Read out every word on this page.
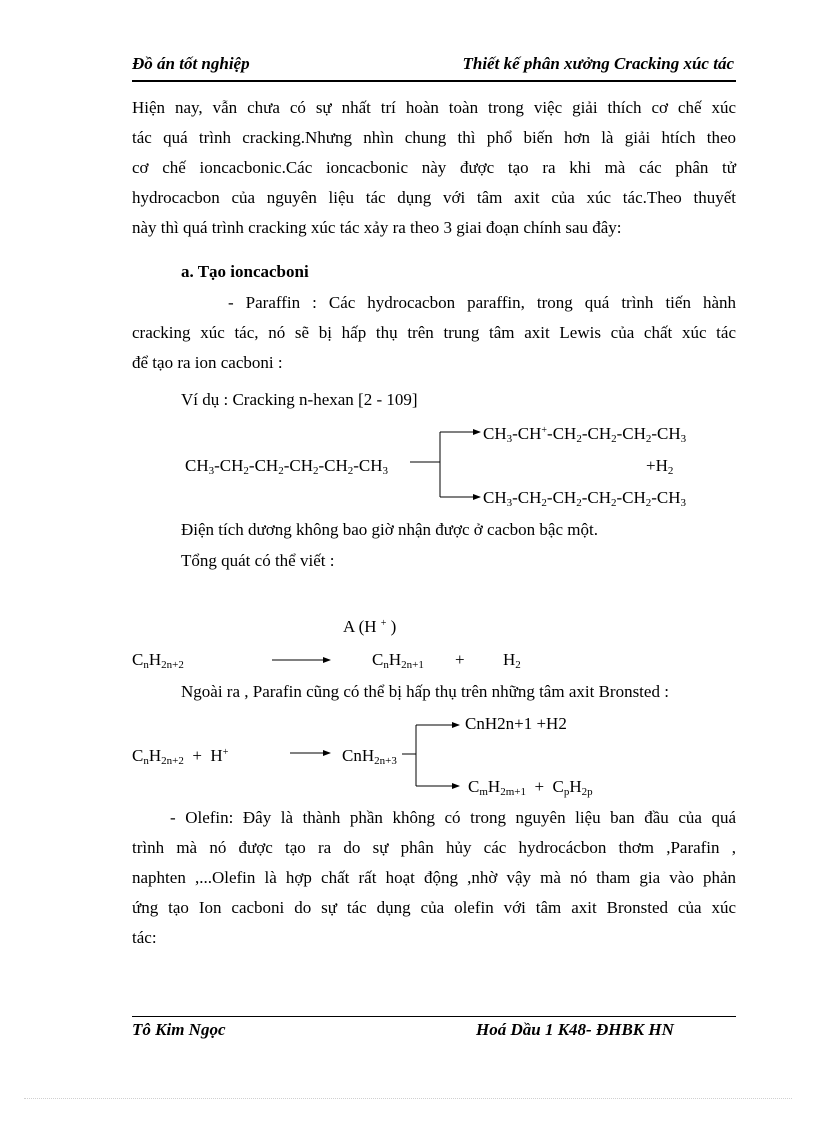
Đồ án tốt nghiệp	Thiết kế phân xưởng Cracking xúc tác
Hiện nay, vẫn chưa có sự nhất trí hoàn toàn trong việc giải thích cơ chế xúc
tác quá trình cracking.Nhưng nhìn chung thì phổ biến hơn là giải htích theo
cơ chế ioncacbonic.Các ioncacbonic này được tạo ra khi mà các phân tử
hydrocacbon của nguyên liệu tác dụng với tâm axit của xúc tác.Theo thuyết
này thì quá trình cracking xúc tác xảy ra theo 3 giai đoạn chính sau đây:
a. Tạo ioncacboni
- Paraffin : Các hydrocacbon paraffin, trong quá trình tiến hành
cracking xúc tác, nó sẽ bị hấp thụ trên trung tâm axit Lewis của chất xúc tác
để tạo ra ion cacboni :
Ví dụ : Cracking n-hexan [2 - 109]
$CH_3-CH^+-CH_2-CH_2-CH_2-CH_3$
$CH_3-CH_2-CH_2-CH_2-CH_2-CH_3$	$+H_2$
$CH_3-CH_2-CH_2-CH_2-CH_2-CH_3$
Điện tích dương không bao giờ nhận được ở cacbon bậc một.
Tổng quát có thể viết :
A (H + )
$C_nH_{2n+2}$	$C_nH_{2n+1} + H_2$
Ngoài ra , Parafin cũng có thể bị hấp thụ trên những tâm axit Bronsted :
CnH2n+1 +H2
$C_nH_{2n+2} + H^+$	CnH$_{2n+3}$
$C_mH_{2m+1} + C_pH_{2p}$
- Olefin: Đây là thành phần không có trong nguyên liệu ban đầu của quá
trình mà nó được tạo ra do sự phân hủy các hydrocácbon thơm ,Parafin ,
naphten ,...Olefin là hợp chất rất hoạt động ,nhờ vậy mà nó tham gia vào phản
ứng tạo Ion cacboni do sự tác dụng của olefin với tâm axit Bronsted của xúc
tác:
Tô Kim Ngọc	Hoá Dầu 1 K48- ĐHBK HN
